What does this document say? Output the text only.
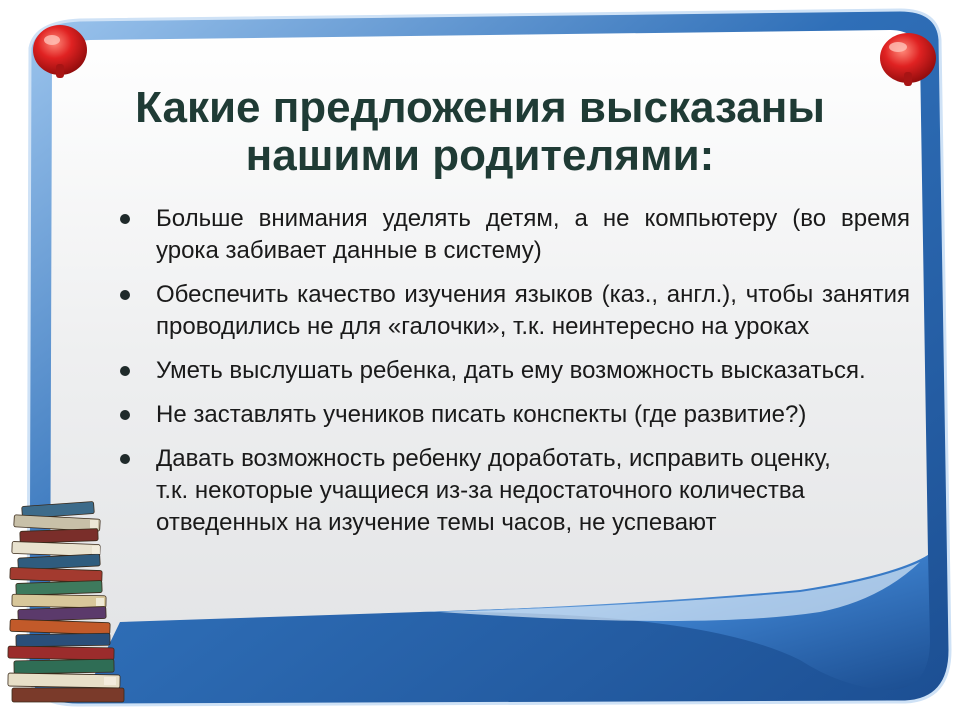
Какие предложения высказаны
нашими родителями:
Больше внимания уделять детям, а не компьютеру (во время урока забивает данные в систему)
Обеспечить качество изучения языков (каз., англ.), чтобы занятия проводились не для «галочки», т.к. неинтересно на уроках
Уметь выслушать ребенка, дать ему возможность высказаться.
Не заставлять учеников писать конспекты (где развитие?)
Давать возможность ребенку доработать, исправить оценку, т.к. некоторые учащиеся из-за недостаточного количества отведенных на изучение темы часов, не успевают
